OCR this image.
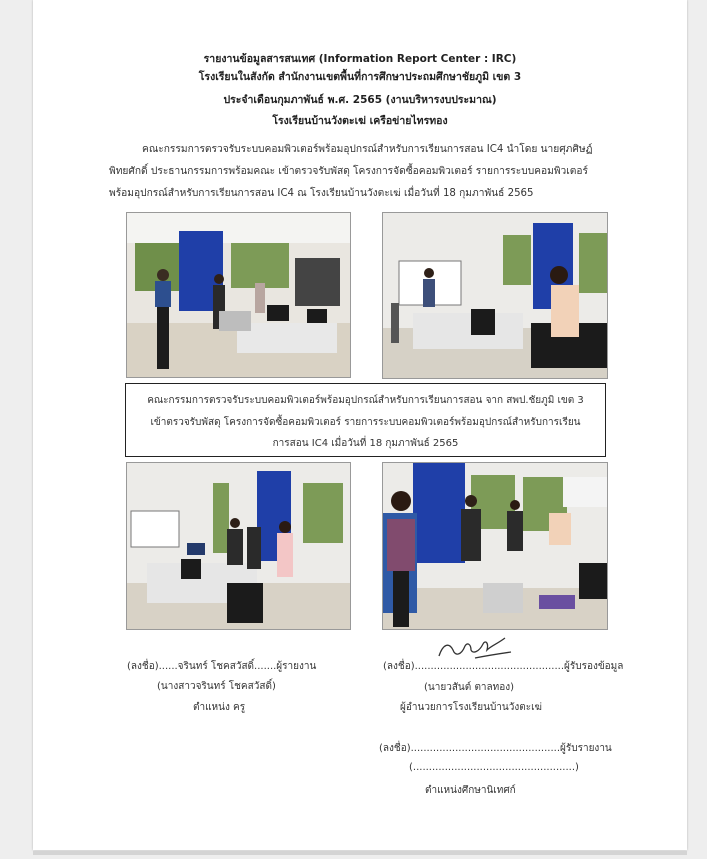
รายงานข้อมูลสารสนเทศ (Information Report Center : IRC)
โรงเรียนในสังกัด สำนักงานเขตพื้นที่การศึกษาประถมศึกษาชัยภูมิ เขต 3
ประจำเดือนกุมภาพันธ์ พ.ศ. 2565 (งานบริหารงบประมาณ)
โรงเรียนบ้านวังตะเฆ่ เครือข่ายไทรทอง
คณะกรรมการตรวจรับระบบคอมพิวเตอร์พร้อมอุปกรณ์สำหรับการเรียนการสอน IC4 นำโดย นายศุภศิษฏ์
พิทยศักดิ์ ประธานกรรมการพร้อมคณะ เข้าตรวจรับพัสดุ โครงการจัดซื้อคอมพิวเตอร์ รายการระบบคอมพิวเตอร์
พร้อมอุปกรณ์สำหรับการเรียนการสอน IC4 ณ โรงเรียนบ้านวังตะเฆ่ เมื่อวันที่ 18 กุมภาพันธ์ 2565
คณะกรรมการตรวจรับระบบคอมพิวเตอร์พร้อมอุปกรณ์สำหรับการเรียนการสอน จาก สพป.ชัยภูมิ เขต 3
เข้าตรวจรับพัสดุ โครงการจัดซื้อคอมพิวเตอร์ รายการระบบคอมพิวเตอร์พร้อมอุปกรณ์สำหรับการเรียน
การสอน IC4 เมื่อวันที่ 18 กุมภาพันธ์ 2565
(ลงชื่อ)......จรินทร์ โชคสวัสดิ์.......ผู้รายงาน
(นางสาวจรินทร์ โชคสวัสดิ์)
ตำแหน่ง ครู
(ลงชื่อ)...............................................ผู้รับรองข้อมูล
(นายวสันต์ ตาลทอง)
ผู้อำนวยการโรงเรียนบ้านวังตะเฆ่
(ลงชื่อ)...............................................ผู้รับรายงาน
(...................................................)
ตำแหน่งศึกษานิเทศก์
